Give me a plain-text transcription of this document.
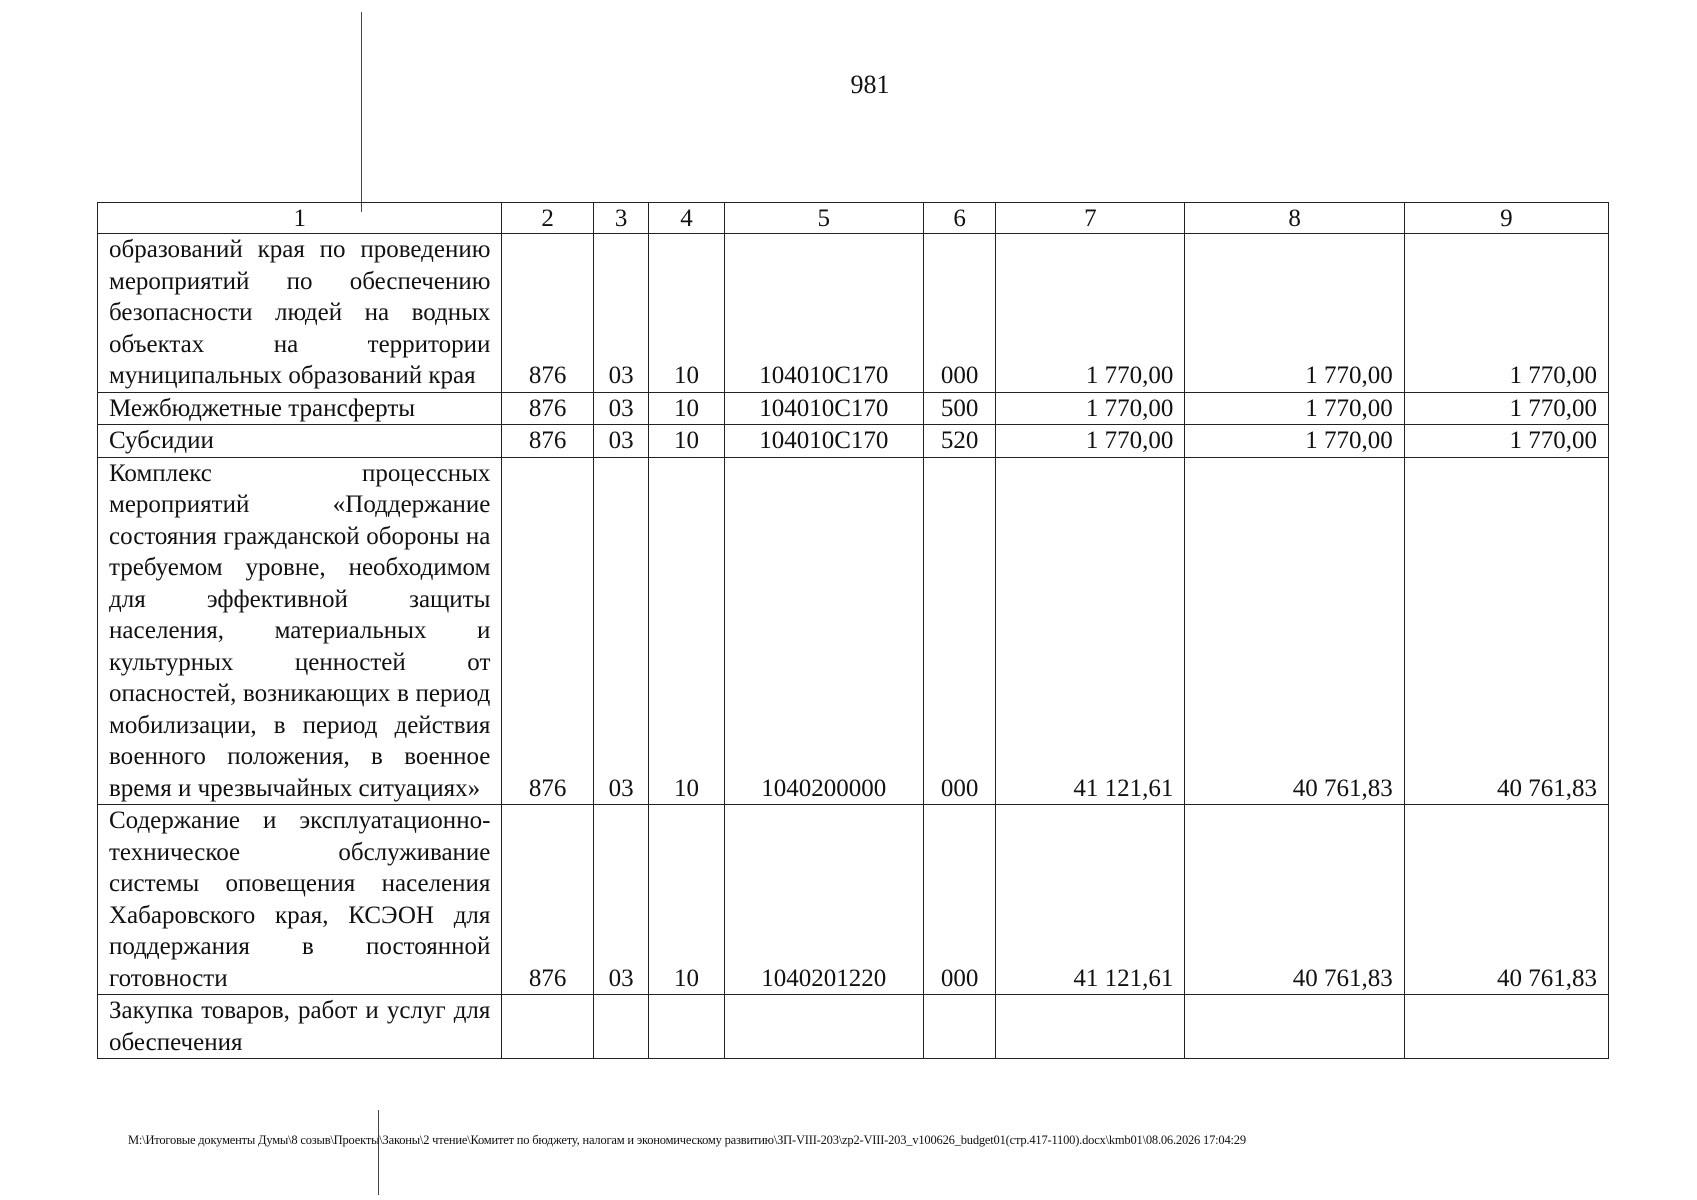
981
1	2	3	4	5	6	7	8	9
образований края по проведению мероприятий по обеспечению безопасности людей на водных объектах на территории муниципальных образований края	876	03	10	104010С170	000	1 770,00	1 770,00	1 770,00
Межбюджетные трансферты	876	03	10	104010С170	500	1 770,00	1 770,00	1 770,00
Субсидии	876	03	10	104010С170	520	1 770,00	1 770,00	1 770,00
Комплекс процессных мероприятий «Поддержание состояния гражданской обороны на требуемом уровне, необходимом для эффективной защиты населения, материальных и культурных ценностей от опасностей, возникающих в период мобилизации, в период действия военного положения, в военное время и чрезвычайных ситуациях»	876	03	10	1040200000	000	41 121,61	40 761,83	40 761,83
Содержание и эксплуатационно-техническое обслуживание системы оповещения населения Хабаровского края, КСЭОН для поддержания в постоянной готовности	876	03	10	1040201220	000	41 121,61	40 761,83	40 761,83
Закупка товаров, работ и услуг для обеспечения								
M:\Итоговые документы Думы\8 созыв\Проекты\Законы\2 чтение\Комитет по бюджету, налогам и экономическому развитию\ЗП-VIII-203\zp2-VIII-203_v100626_budget01(стр.417-1100).docx\kmb01\08.06.2026 17:04:29
